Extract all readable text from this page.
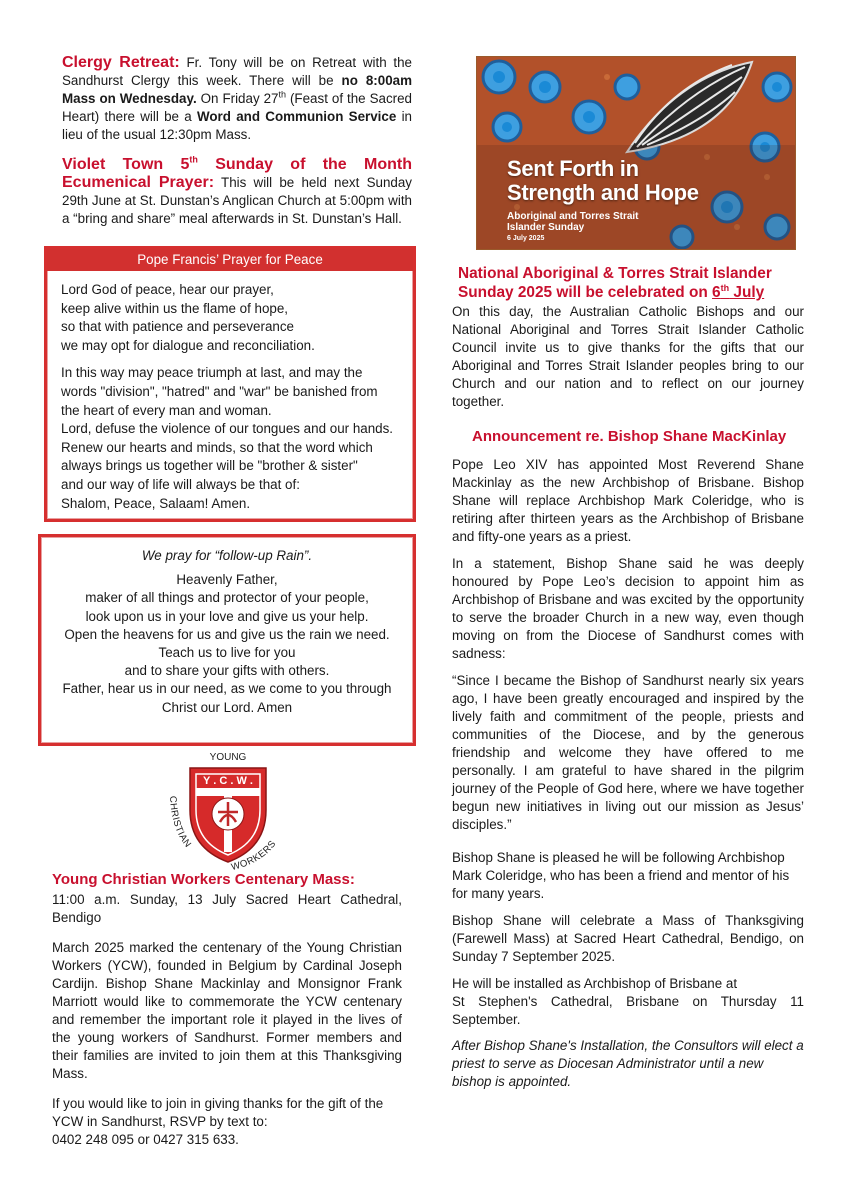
Clergy Retreat: Fr. Tony will be on Retreat with the Sandhurst Clergy this week. There will be no 8:00am Mass on Wednesday. On Friday 27th (Feast of the Sacred Heart) there will be a Word and Communion Service in lieu of the usual 12:30pm Mass.
Violet Town 5th Sunday of the Month Ecumenical Prayer: This will be held next Sunday 29th June at St. Dunstan’s Anglican Church at 5:00pm with a “bring and share” meal afterwards in St. Dunstan’s Hall.
Pope Francis’ Prayer for Peace

Lord God of peace, hear our prayer,
keep alive within us the flame of hope,
so that with patience and perseverance
we may opt for dialogue and reconciliation.

In this way may peace triumph at last, and may the
words "division", "hatred" and "war" be banished from
the heart of every man and woman.
Lord, defuse the violence of our tongues and our hands.
Renew our hearts and minds, so that the word which
always brings us together will be "brother & sister"
and our way of life will always be that of:
Shalom, Peace, Salaam! Amen.

We pray for “follow-up Rain”.

Heavenly Father,
maker of all things and protector of your people,
look upon us in your love and give us your help.
Open the heavens for us and give us the rain we need.
Teach us to live for you
and to share your gifts with others.
Father, hear us in our need, as we come to you through
Christ our Lord. Amen

YOUNG
CHRISTIAN
WORKERS
Y . C . W .
Young Christian Workers Centenary Mass:

11:00 a.m. Sunday, 13 July Sacred Heart Cathedral, Bendigo

March 2025 marked the centenary of the Young Christian Workers (YCW), founded in Belgium by Cardinal Joseph Cardijn. Bishop Shane Mackinlay and Monsignor Frank Marriott would like to commemorate the YCW centenary and remember the important role it played in the lives of the young workers of Sandhurst. Former members and their families are invited to join them at this Thanksgiving Mass.

If you would like to join in giving thanks for the gift of the YCW in Sandhurst, RSVP by text to:
0402 248 095 or 0427 315 633.

Sent Forth in
Strength and Hope
Aboriginal and Torres Strait
Islander Sunday
6 July 2025
National Aboriginal & Torres Strait Islander Sunday 2025 will be celebrated on 6th July

On this day, the Australian Catholic Bishops and our National Aboriginal and Torres Strait Islander Catholic Council invite us to give thanks for the gifts that our Aboriginal and Torres Strait Islander peoples bring to our Church and our nation and to reflect on our journey together.

Announcement re. Bishop Shane MacKinlay

Pope Leo XIV has appointed Most Reverend Shane Mackinlay as the new Archbishop of Brisbane. Bishop Shane will replace Archbishop Mark Coleridge, who is retiring after thirteen years as the Archbishop of Brisbane and fifty-one years as a priest.

In a statement, Bishop Shane said he was deeply honoured by Pope Leo’s decision to appoint him as Archbishop of Brisbane and was excited by the opportunity to serve the broader Church in a new way, even though moving on from the Diocese of Sandhurst comes with sadness:

“Since I became the Bishop of Sandhurst nearly six years ago, I have been greatly encouraged and inspired by the lively faith and commitment of the people, priests and communities of the Diocese, and by the generous friendship and welcome they have offered to me personally. I am grateful to have shared in the pilgrim journey of the People of God here, where we have together begun new initiatives in living out our mission as Jesus’ disciples.”

Bishop Shane is pleased he will be following Archbishop Mark Coleridge, who has been a friend and mentor of his for many years.

Bishop Shane will celebrate a Mass of Thanksgiving (Farewell Mass) at Sacred Heart Cathedral, Bendigo, on Sunday 7 September 2025.

He will be installed as Archbishop of Brisbane at
St Stephen's Cathedral, Brisbane on Thursday 11 September.

After Bishop Shane's Installation, the Consultors will elect a priest to serve as Diocesan Administrator until a new bishop is appointed.
